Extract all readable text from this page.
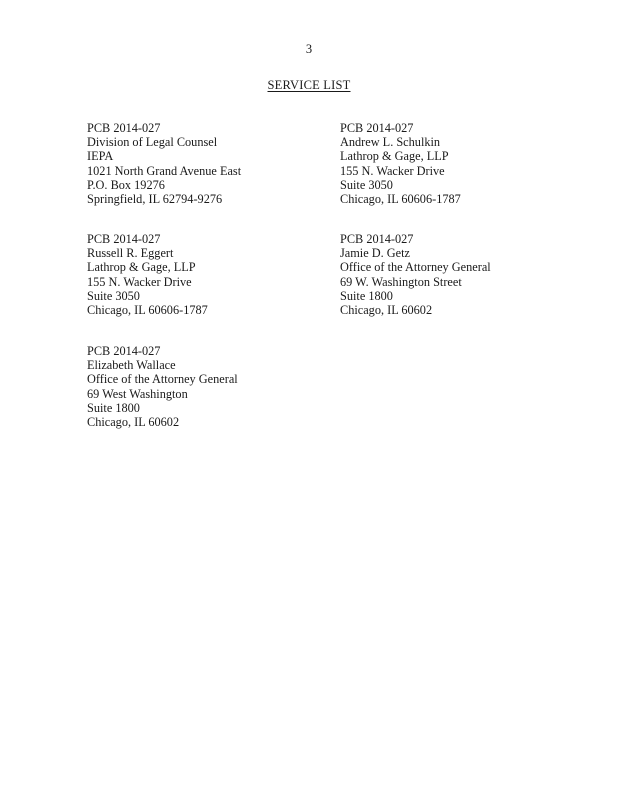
3
SERVICE LIST
PCB 2014-027
Division of Legal Counsel
IEPA
1021 North Grand Avenue East
P.O. Box 19276
Springfield, IL 62794-9276
PCB 2014-027
Andrew L. Schulkin
Lathrop & Gage, LLP
155 N. Wacker Drive
Suite 3050
Chicago, IL 60606-1787
PCB 2014-027
Russell R. Eggert
Lathrop & Gage, LLP
155 N. Wacker Drive
Suite 3050
Chicago, IL 60606-1787
PCB 2014-027
Jamie D. Getz
Office of the Attorney General
69 W. Washington Street
Suite 1800
Chicago, IL 60602
PCB 2014-027
Elizabeth Wallace
Office of the Attorney General
69 West Washington
Suite 1800
Chicago, IL 60602
